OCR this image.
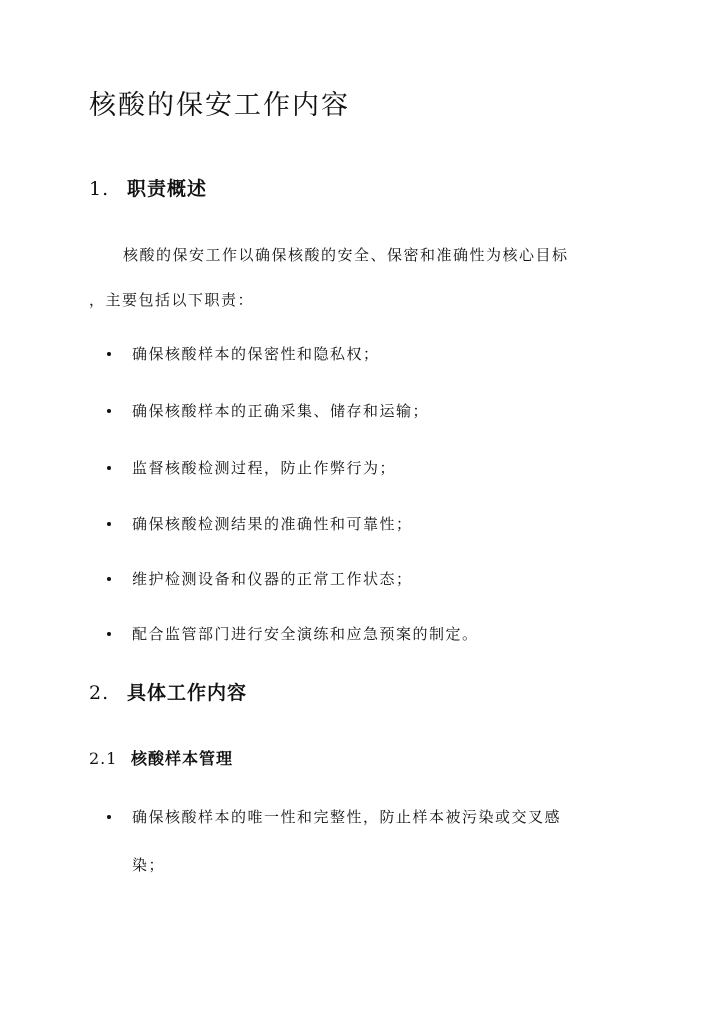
核酸的保安工作内容
1. 职责概述

核酸的保安工作以确保核酸的安全、保密和准确性为核心目标

，主要包括以下职责：

确保核酸样本的保密性和隐私权；
确保核酸样本的正确采集、储存和运输；
监督核酸检测过程，防止作弊行为；
确保核酸检测结果的准确性和可靠性；
维护检测设备和仪器的正常工作状态；
配合监管部门进行安全演练和应急预案的制定。
2. 具体工作内容
2.1 核酸样本管理
确保核酸样本的唯一性和完整性，防止样本被污染或交叉感
染；
